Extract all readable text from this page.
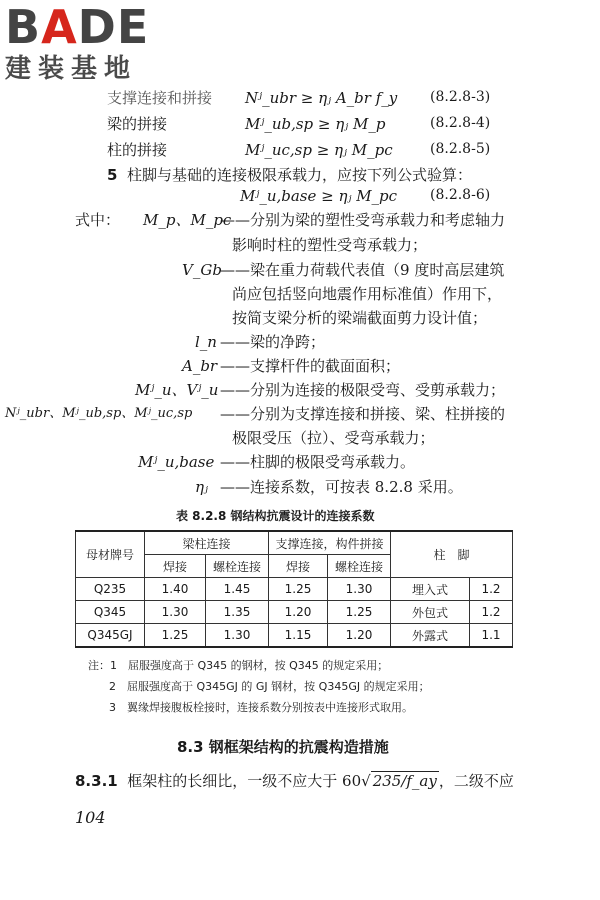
BADE
建装基地
支撑连接和拼接 Nʲ_ubr ≥ ηⱼ A_br f_y (8.2.8-3)
梁的拼接	Mʲ_ub,sp ≥ ηⱼ M_p	(8.2.8-4)
柱的拼接	Mʲ_uc,sp ≥ ηⱼ M_pc	(8.2.8-5)
5 柱脚与基础的连接极限承载力，应按下列公式验算：
Mʲ_u,base ≥ ηⱼ M_pc (8.2.8-6)
式中： M_p、M_pc
——分别为梁的塑性受弯承载力和考虑轴力
影响时柱的塑性受弯承载力；
V_Gb
——梁在重力荷载代表值（9 度时高层建筑
尚应包括竖向地震作用标准值）作用下，
按简支梁分析的梁端截面剪力设计值；
l_n ——梁的净跨；
A_br ——支撑杆件的截面面积；
Mʲ_u、Vʲ_u ——分别为连接的极限受弯、受剪承载力；
Nʲ_ubr、Mʲ_ub,sp、Mʲ_uc,sp ——分别为支撑连接和拼接、梁、柱拼接的
极限受压（拉）、受弯承载力；
Mʲ_u,base ——柱脚的极限受弯承载力。
ηⱼ ——连接系数，可按表 8.2.8 采用。
表 8.2.8 钢结构抗震设计的连接系数
母材牌号	梁柱连接		支撑连接，构件拼接		柱　脚	
	焊接	螺栓连接	焊接	螺栓连接		
Q235	1.40	1.45	1.25	1.30	埋入式	1.2
Q345	1.30	1.35	1.20	1.25	外包式	1.2
Q345GJ	1.25	1.30	1.15	1.20	外露式	1.1
注：1　屈服强度高于 Q345 的钢材，按 Q345 的规定采用；
2　屈服强度高于 Q345GJ 的 GJ 钢材，按 Q345GJ 的规定采用；
3　翼缘焊接腹板栓接时，连接系数分别按表中连接形式取用。
8.3 钢框架结构的抗震构造措施
8.3.1 框架柱的长细比，一级不应大于 60√ 235/f_ay ，二级不应
104
